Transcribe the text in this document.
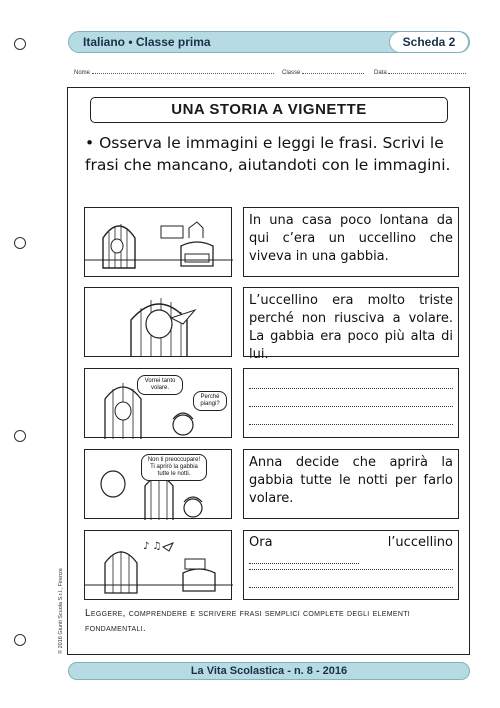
Italiano • Classe prima	Scheda 2
Nome	Classe	Data
UNA STORIA A VIGNETTE
• Osserva le immagini e leggi le frasi. Scrivi le frasi che mancano, aiutandoti con le immagini.
In una casa poco lontana da qui c’era un uccellino che viveva in una gabbia.
L’uccellino era molto triste perché non riusciva a volare. La gabbia era poco più alta di lui.
Vorrei tanto volare.
Perché piangi?
Non ti preoccupare! Ti aprirò la gabbia tutte le notti.
Anna decide che aprirà la gabbia tutte le notti per farlo volare.
♪ ♫	Ora l’uccellino
Leggere, comprendere e scrivere frasi semplici complete degli elementi fondamentali.
© 2016 Giunti Scuola S.r.l., Firenze
La Vita Scolastica - n. 8 - 2016
